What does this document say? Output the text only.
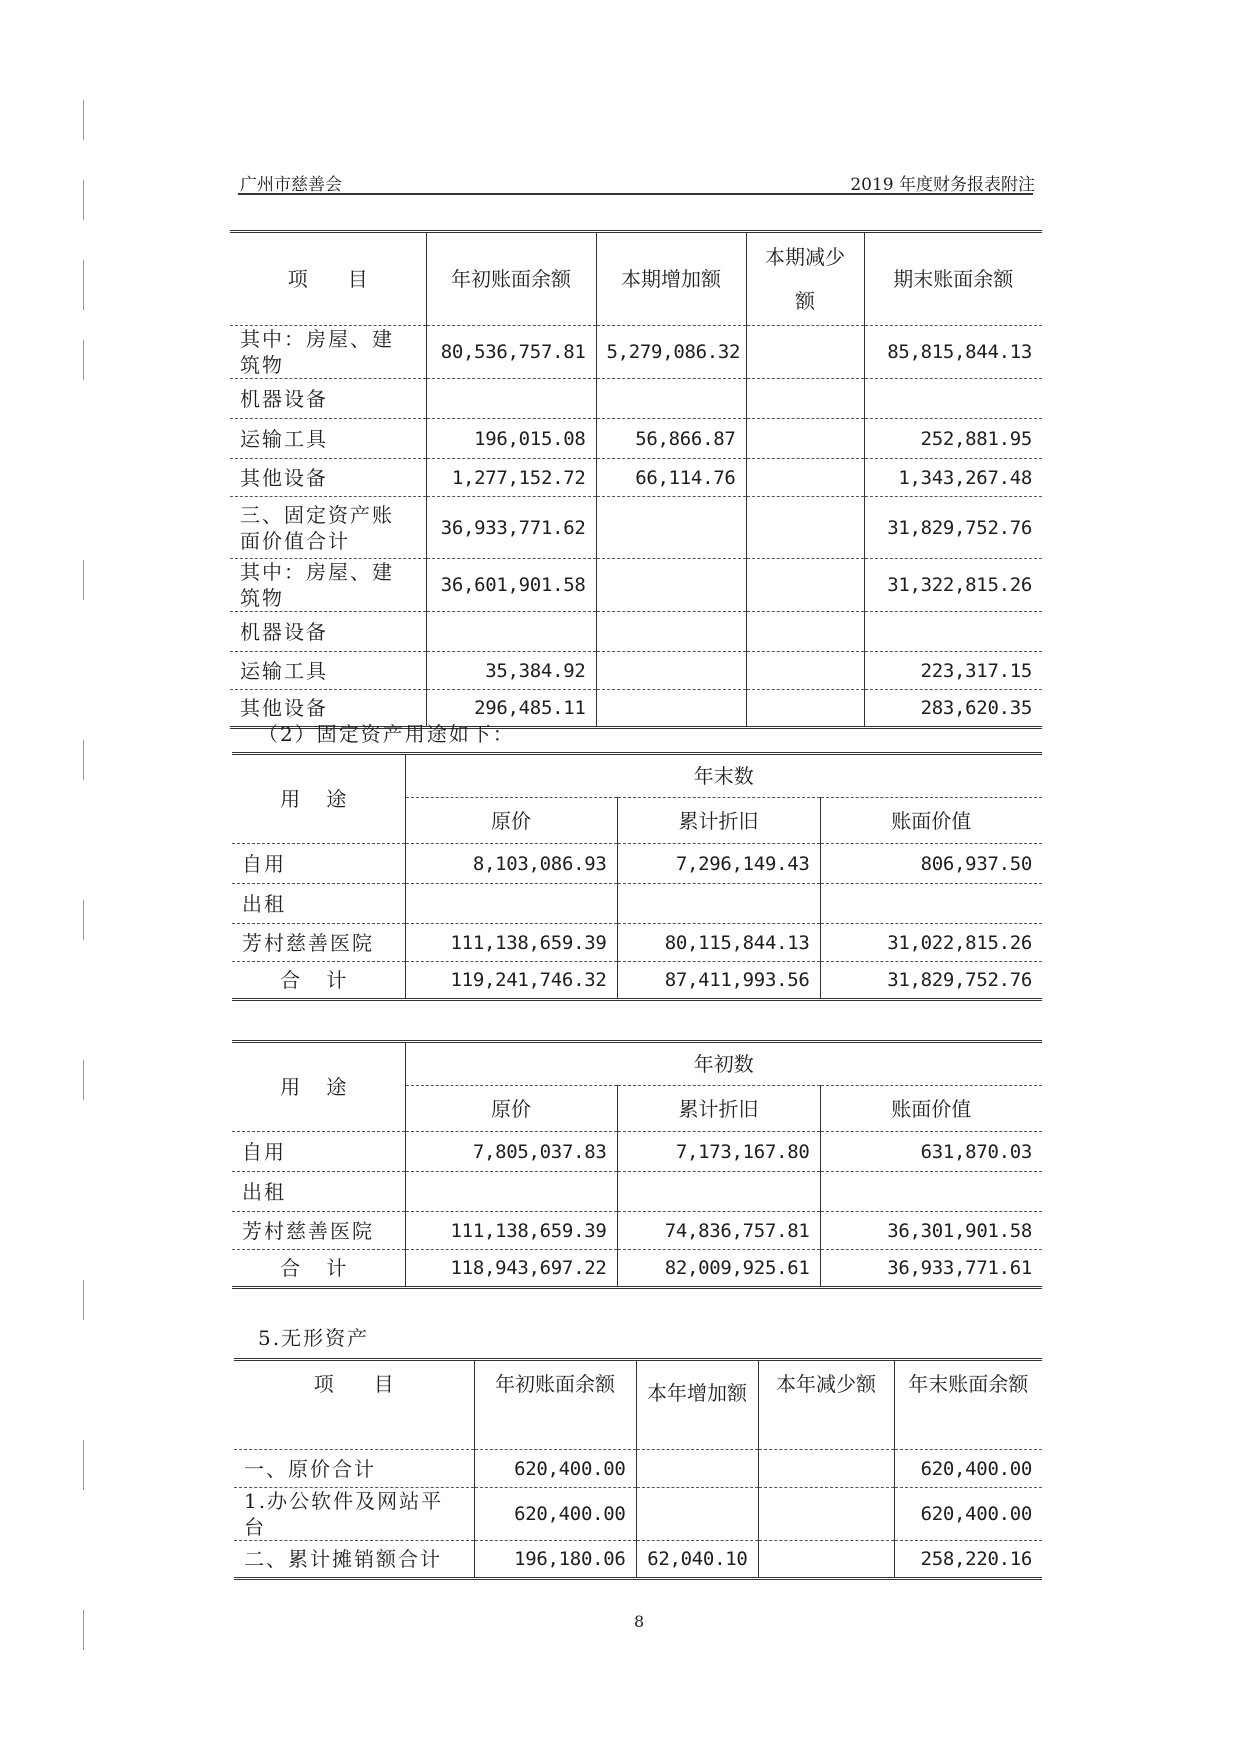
广州市慈善会	2019 年度财务报表附注
项　　目	年初账面余额	本期增加额	本期减少额	期末账面余额
其中：房屋、建筑物	80,536,757.81	5,279,086.32		85,815,844.13
机器设备				
运输工具	196,015.08	56,866.87		252,881.95
其他设备	1,277,152.72	66,114.76		1,343,267.48
三、固定资产账面价值合计	36,933,771.62			31,829,752.76
其中：房屋、建筑物	36,601,901.58			31,322,815.26
机器设备				
运输工具	35,384.92			223,317.15
其他设备	296,485.11			283,620.35
（2）固定资产用途如下：
用 途	年末数		
	原价	累计折旧	账面价值
自用	8,103,086.93	7,296,149.43	806,937.50
出租			
芳村慈善医院	111,138,659.39	80,115,844.13	31,022,815.26
合 计	119,241,746.32	87,411,993.56	31,829,752.76
用 途	年初数		
	原价	累计折旧	账面价值
自用	7,805,037.83	7,173,167.80	631,870.03
出租			
芳村慈善医院	111,138,659.39	74,836,757.81	36,301,901.58
合 计	118,943,697.22	82,009,925.61	36,933,771.61
5.无形资产
项　　目	年初账面余额	本年增加额	本年减少额	年末账面余额
一、原价合计	620,400.00			620,400.00
1.办公软件及网站平台	620,400.00			620,400.00
二、累计摊销额合计	196,180.06	62,040.10		258,220.16
8
